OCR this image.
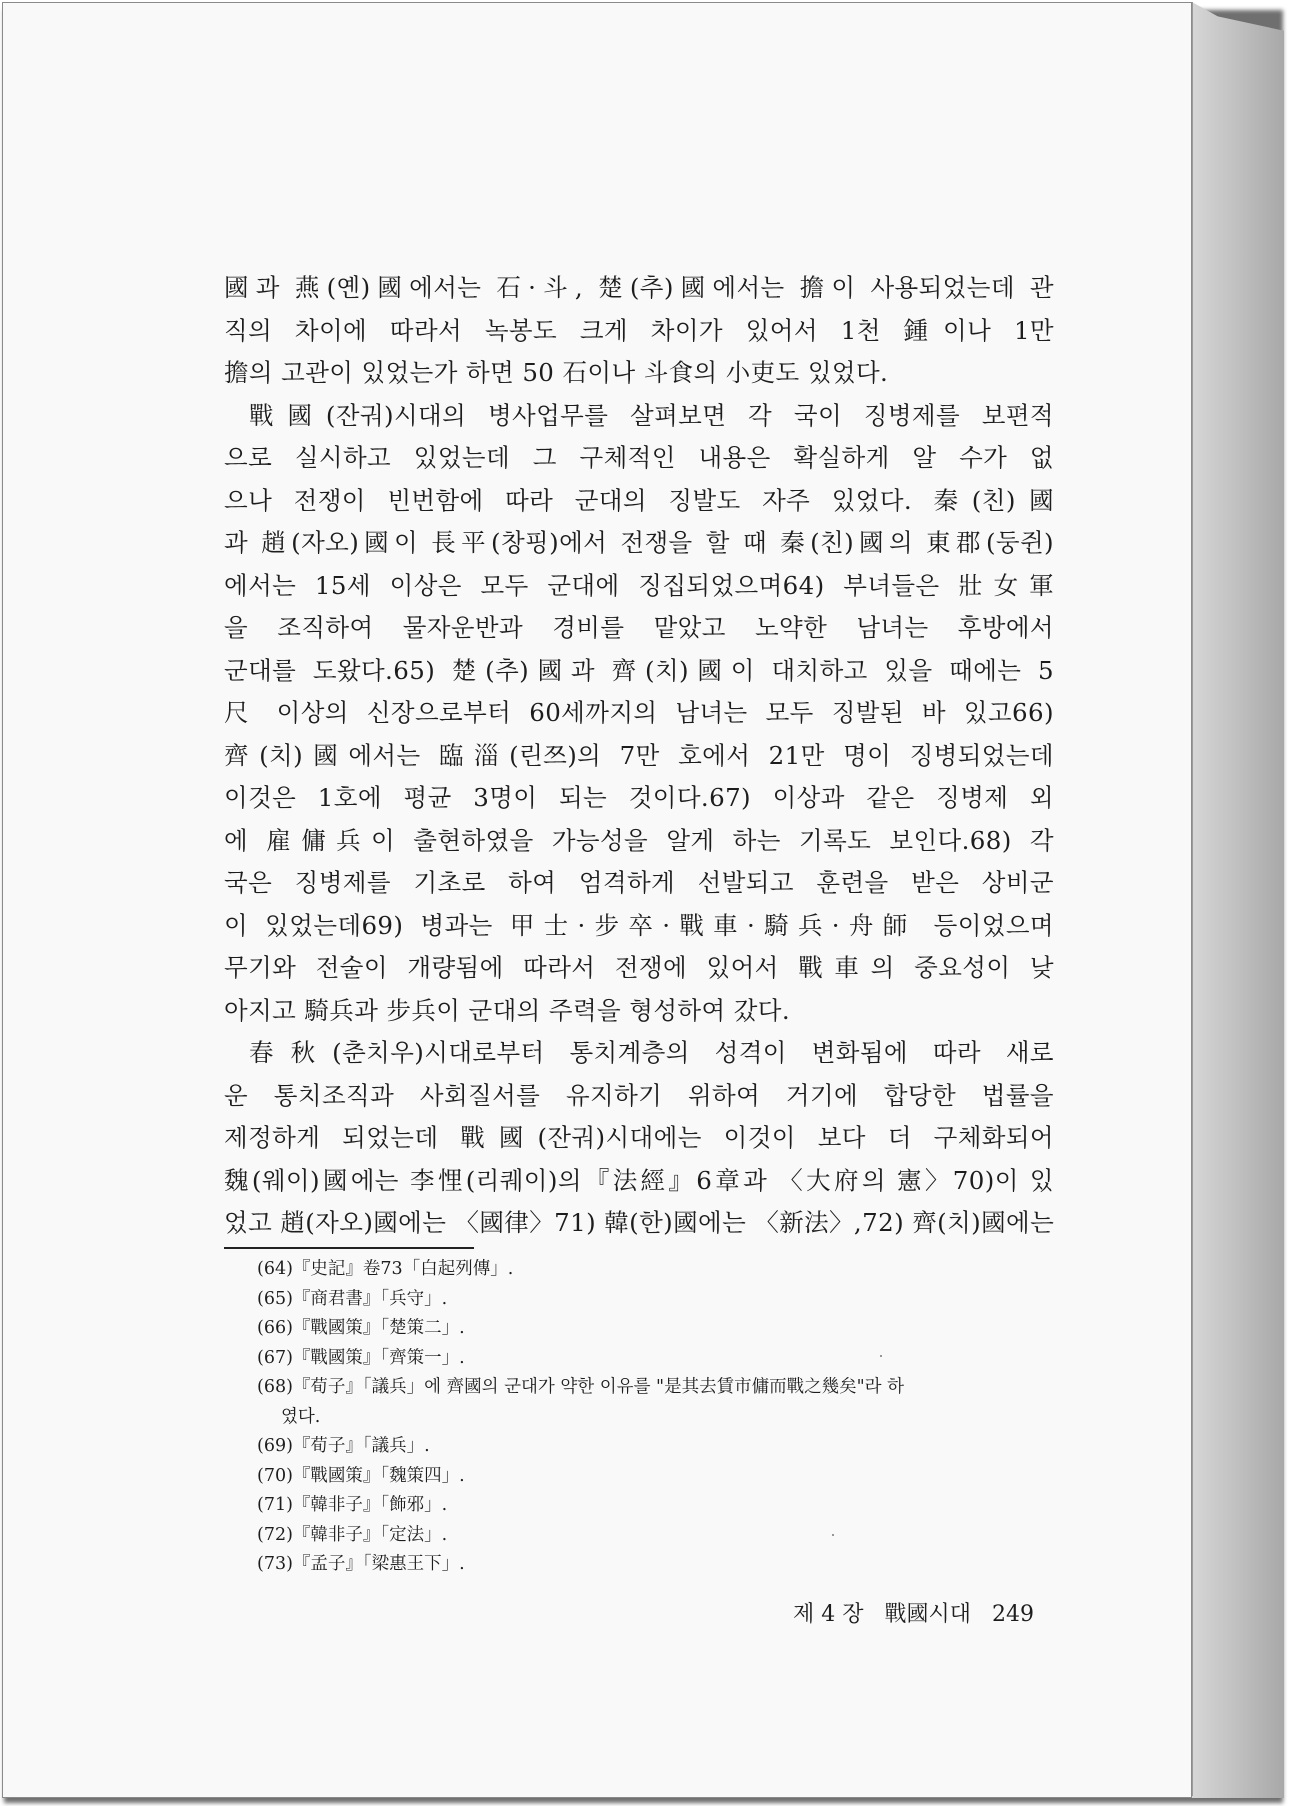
國과 燕(옌)國에서는 石·斗, 楚(추)國에서는 擔이 사용되었는데 관
직의 차이에 따라서 녹봉도 크게 차이가 있어서 1천 鍾이나 1만
擔의 고관이 있었는가 하면 50 石이나 斗食의 小吏도 있었다.
戰國(잔궈)시대의 병사업무를 살펴보면 각 국이 징병제를 보편적
으로 실시하고 있었는데 그 구체적인 내용은 확실하게 알 수가 없
으나 전쟁이 빈번함에 따라 군대의 징발도 자주 있었다. 秦(친)國
과 趙(자오)國이 長平(창핑)에서 전쟁을 할 때 秦(친)國의 東郡(둥쥔)
에서는 15세 이상은 모두 군대에 징집되었으며64) 부녀들은 壯女軍
을 조직하여 물자운반과 경비를 맡았고 노약한 남녀는 후방에서
군대를 도왔다.65) 楚(추)國과 齊(치)國이 대치하고 있을 때에는 5
尺 이상의 신장으로부터 60세까지의 남녀는 모두 징발된 바 있고66)
齊(치)國에서는 臨淄(린쯔)의 7만 호에서 21만 명이 징병되었는데
이것은 1호에 평균 3명이 되는 것이다.67) 이상과 같은 징병제 외
에 雇傭兵이 출현하였을 가능성을 알게 하는 기록도 보인다.68) 각
국은 징병제를 기초로 하여 엄격하게 선발되고 훈련을 받은 상비군
이 있었는데69) 병과는 甲士·步卒·戰車·騎兵·舟師 등이었으며
무기와 전술이 개량됨에 따라서 전쟁에 있어서 戰車의 중요성이 낮
아지고 騎兵과 步兵이 군대의 주력을 형성하여 갔다.
春秋(춘치우)시대로부터 통치계층의 성격이 변화됨에 따라 새로
운 통치조직과 사회질서를 유지하기 위하여 거기에 합당한 법률을
제정하게 되었는데 戰國(잔궈)시대에는 이것이 보다 더 구체화되어
魏(웨이)國에는 李悝(리퀘이)의『法經』6章과 〈大府의 憲〉70)이 있
었고 趙(자오)國에는 〈國律〉71) 韓(한)國에는 〈新法〉,72) 齊(치)國에는
(64)『史記』卷73「白起列傳」.
(65)『商君書』「兵守」.
(66)『戰國策』「楚策二」.
(67)『戰國策』「齊策一」.
(68)『荀子』「議兵」에 齊國의 군대가 약한 이유를 "是其去賃市傭而戰之幾矣"라 하
였다.
(69)『荀子』「議兵」.
(70)『戰國策』「魏策四」.
(71)『韓非子』「飾邪」.
(72)『韓非子』「定法」.
(73)『孟子』「梁惠王下」.
제 4 장 戰國시대 249
